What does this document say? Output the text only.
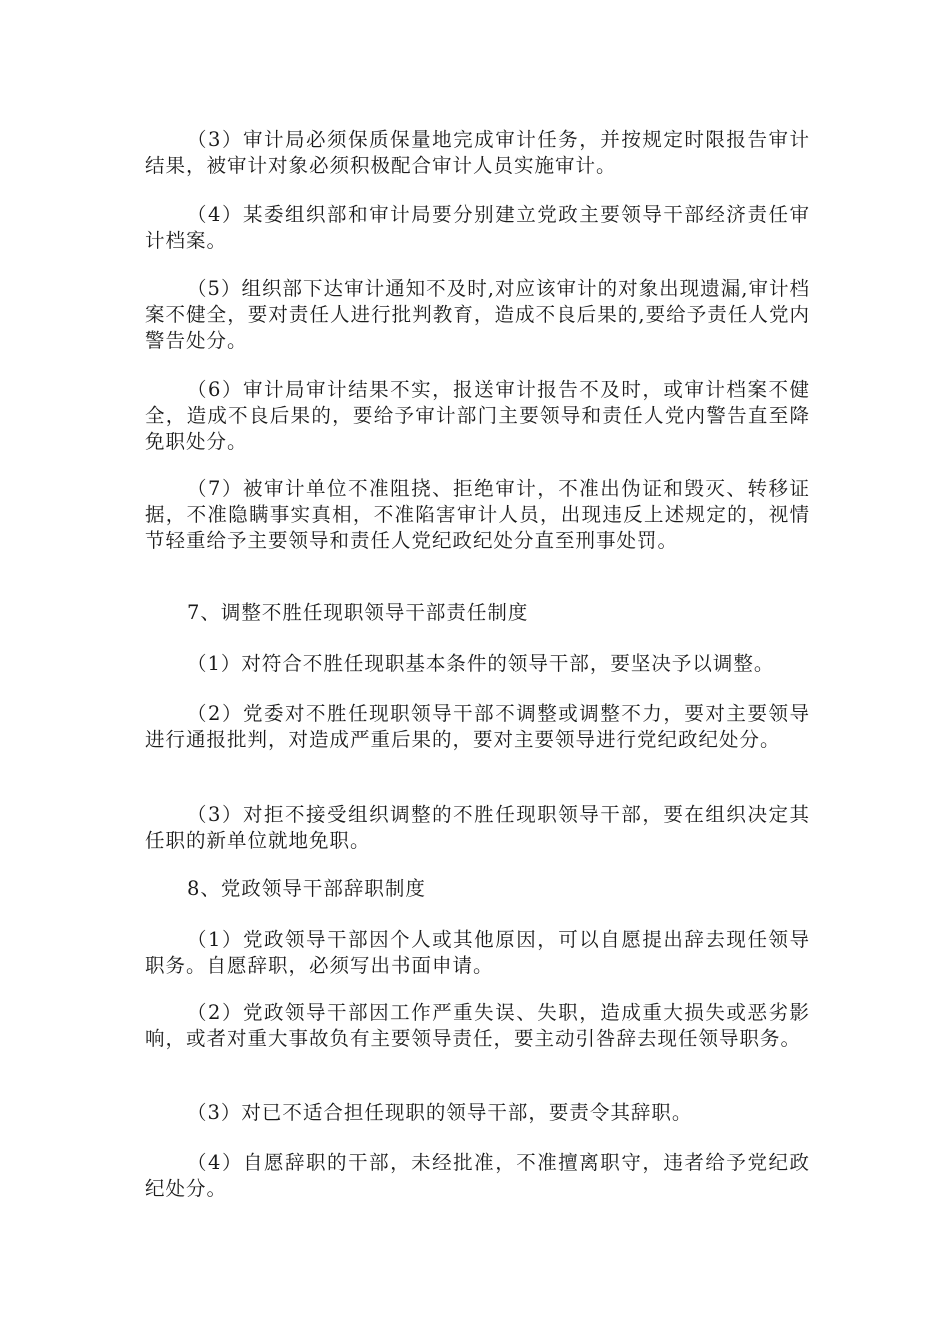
（3）审计局必须保质保量地完成审计任务，并按规定时限报告审计结果，被审计对象必须积极配合审计人员实施审计。

（4）某委组织部和审计局要分别建立党政主要领导干部经济责任审计档案。

（5）组织部下达审计通知不及时,对应该审计的对象出现遗漏,审计档案不健全，要对责任人进行批判教育，造成不良后果的,要给予责任人党内警告处分。

（6）审计局审计结果不实，报送审计报告不及时，或审计档案不健全，造成不良后果的，要给予审计部门主要领导和责任人党内警告直至降免职处分。

（7）被审计单位不准阻挠、拒绝审计，不准出伪证和毁灭、转移证据，不准隐瞒事实真相，不准陷害审计人员，出现违反上述规定的，视情节轻重给予主要领导和责任人党纪政纪处分直至刑事处罚。

7、调整不胜任现职领导干部责任制度

（1）对符合不胜任现职基本条件的领导干部，要坚决予以调整。

（2）党委对不胜任现职领导干部不调整或调整不力，要对主要领导进行通报批判，对造成严重后果的，要对主要领导进行党纪政纪处分。

（3）对拒不接受组织调整的不胜任现职领导干部，要在组织决定其任职的新单位就地免职。

8、党政领导干部辞职制度

（1）党政领导干部因个人或其他原因，可以自愿提出辞去现任领导职务。自愿辞职，必须写出书面申请。

（2）党政领导干部因工作严重失误、失职，造成重大损失或恶劣影响，或者对重大事故负有主要领导责任，要主动引咎辞去现任领导职务。

（3）对已不适合担任现职的领导干部，要责令其辞职。

（4）自愿辞职的干部，未经批准，不准擅离职守，违者给予党纪政纪处分。
